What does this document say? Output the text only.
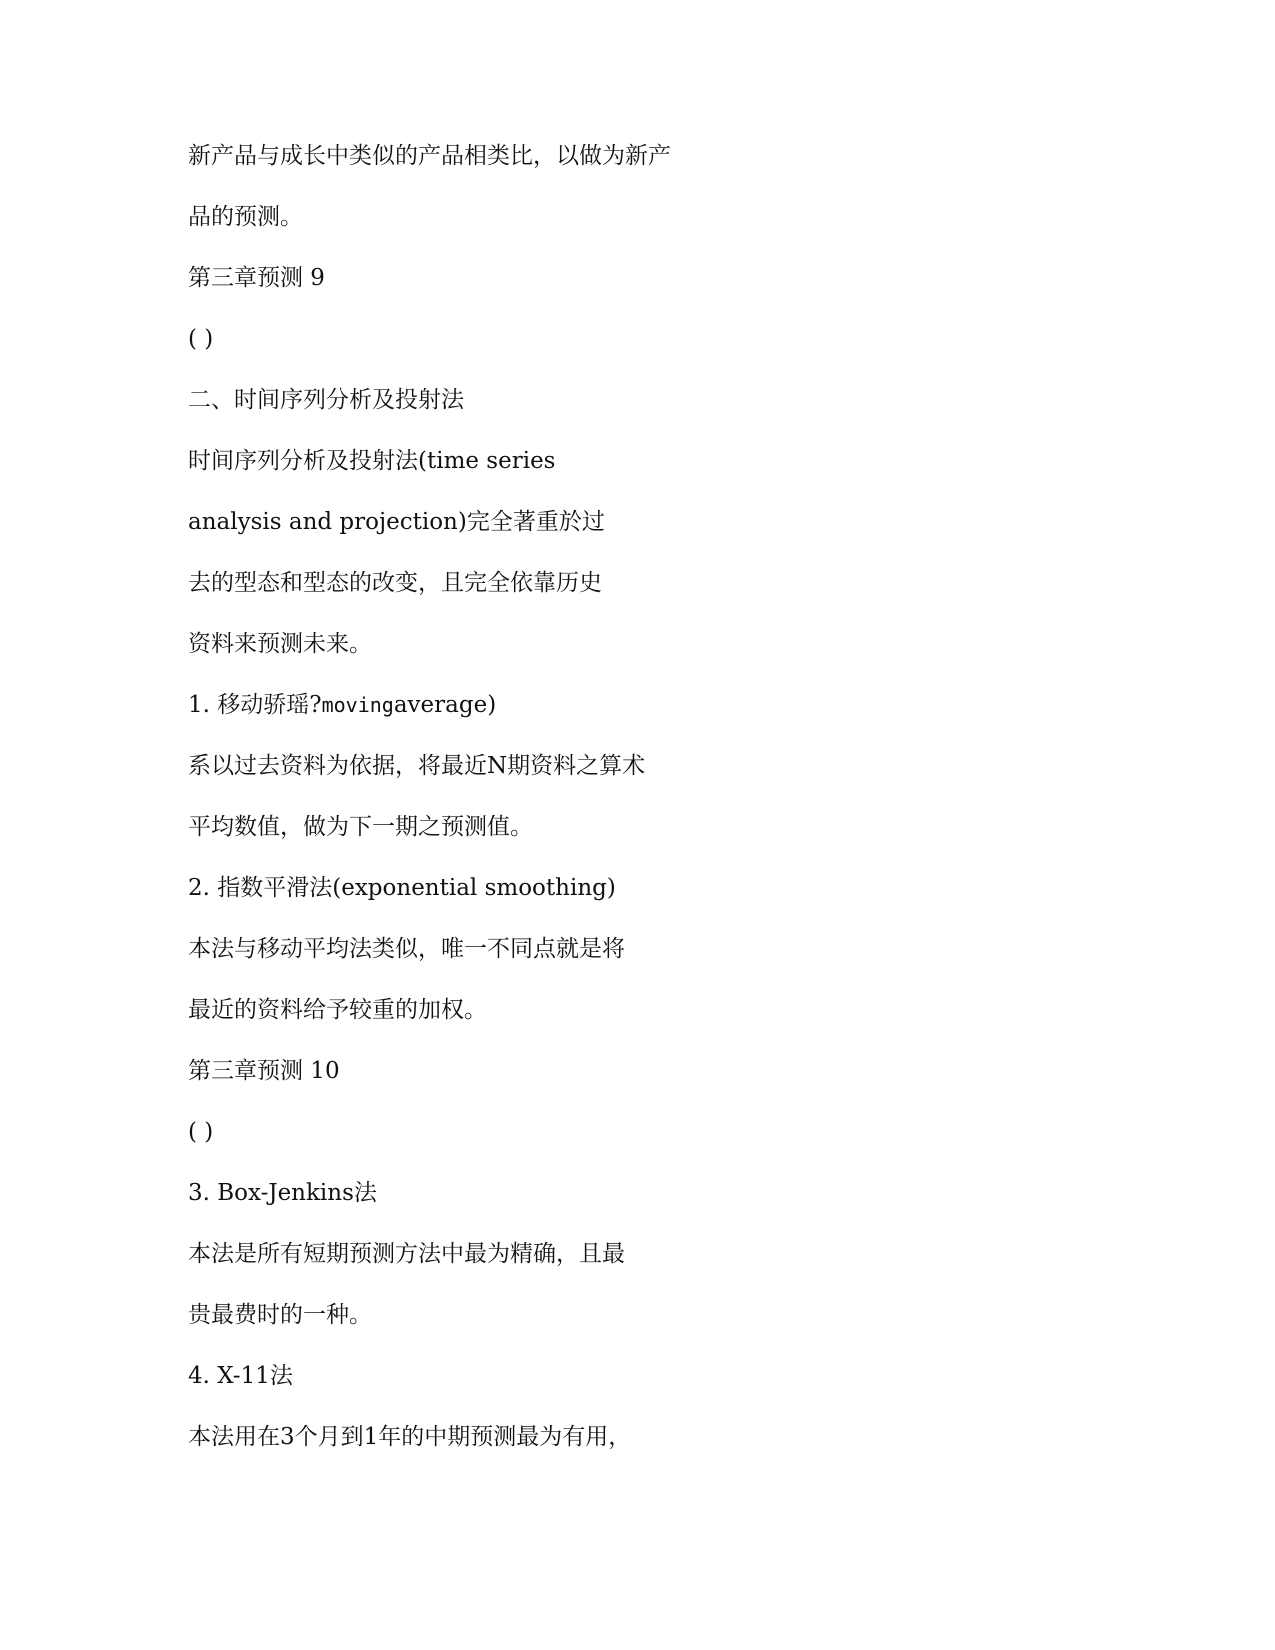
新产品与成长中类似的产品相类比，以做为新产
品的预测。
第三章预测 9
( )
二、时间序列分析及投射法
时间序列分析及投射法(time series
analysis and projection)完全著重於过
去的型态和型态的改变，且完全依靠历史
资料来预测未来。
1. 移动骄瑶?movingaverage)
系以过去资料为依据，将最近N期资料之算术
平均数值，做为下一期之预测值。
2. 指数平滑法(exponential smoothing)
本法与移动平均法类似，唯一不同点就是将
最近的资料给予较重的加权。
第三章预测 10
( )
3. Box-Jenkins法
本法是所有短期预测方法中最为精确，且最
贵最费时的一种。
4. X-11法
本法用在3个月到1年的中期预测最为有用，
